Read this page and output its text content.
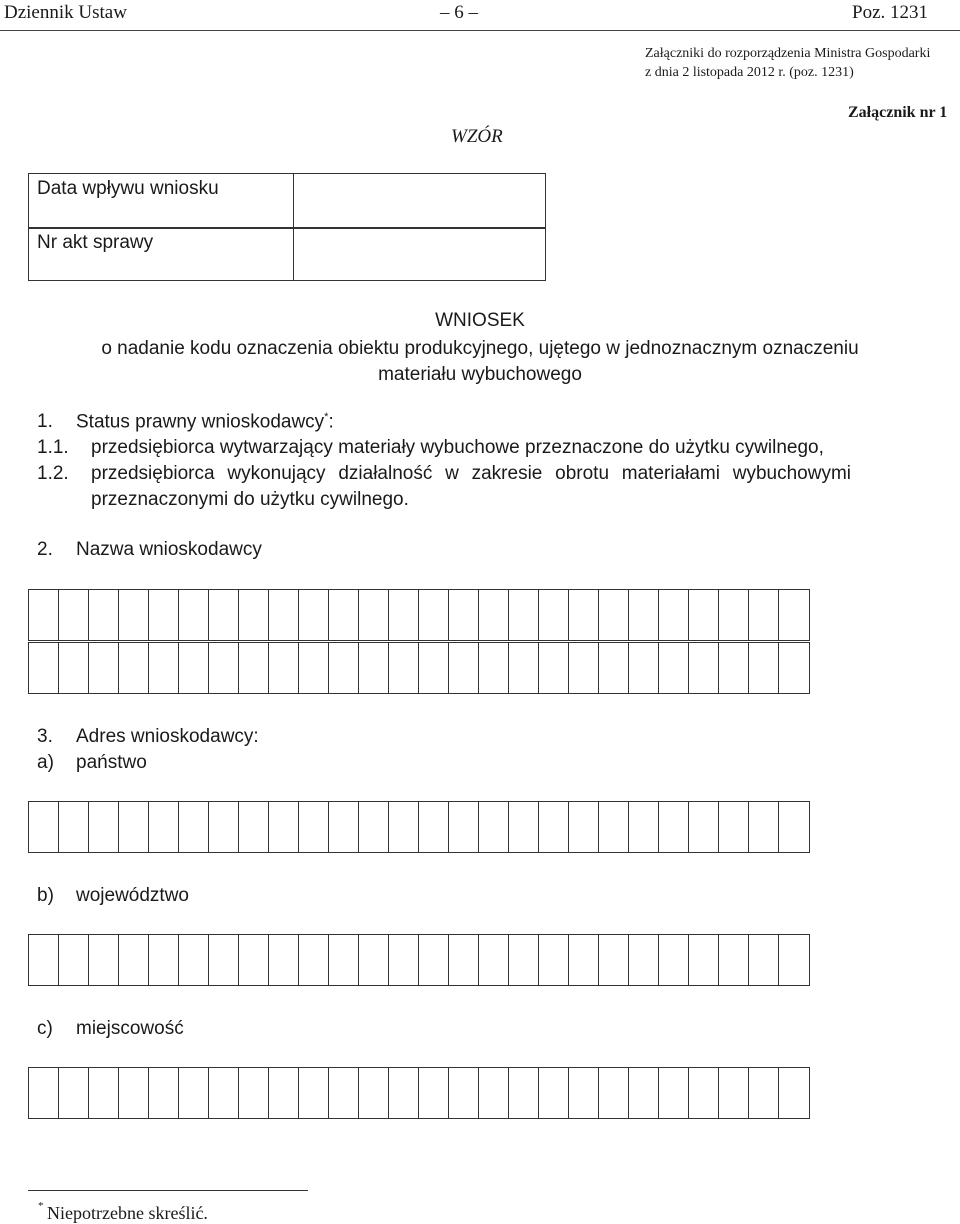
Dziennik Ustaw	– 6 –	Poz. 1231
Załączniki do rozporządzenia Ministra Gospodarki
z dnia 2 listopada 2012 r. (poz. 1231)
Załącznik nr 1
WZÓR
Data wpływu wniosku
Nr akt sprawy
WNIOSEK
o nadanie kodu oznaczenia obiektu produkcyjnego, ujętego w jednoznacznym oznaczeniu
materiału wybuchowego
1. Status prawny wnioskodawcy*:
1.1. przedsiębiorca wytwarzający materiały wybuchowe przeznaczone do użytku cywilnego,
1.2. przedsiębiorca wykonujący działalność w zakresie obrotu materiałami wybuchowymi
przeznaczonymi do użytku cywilnego.
2. Nazwa wnioskodawcy
3. Adres wnioskodawcy:
a) państwo
b) województwo
c) miejscowość
* Niepotrzebne skreślić.
